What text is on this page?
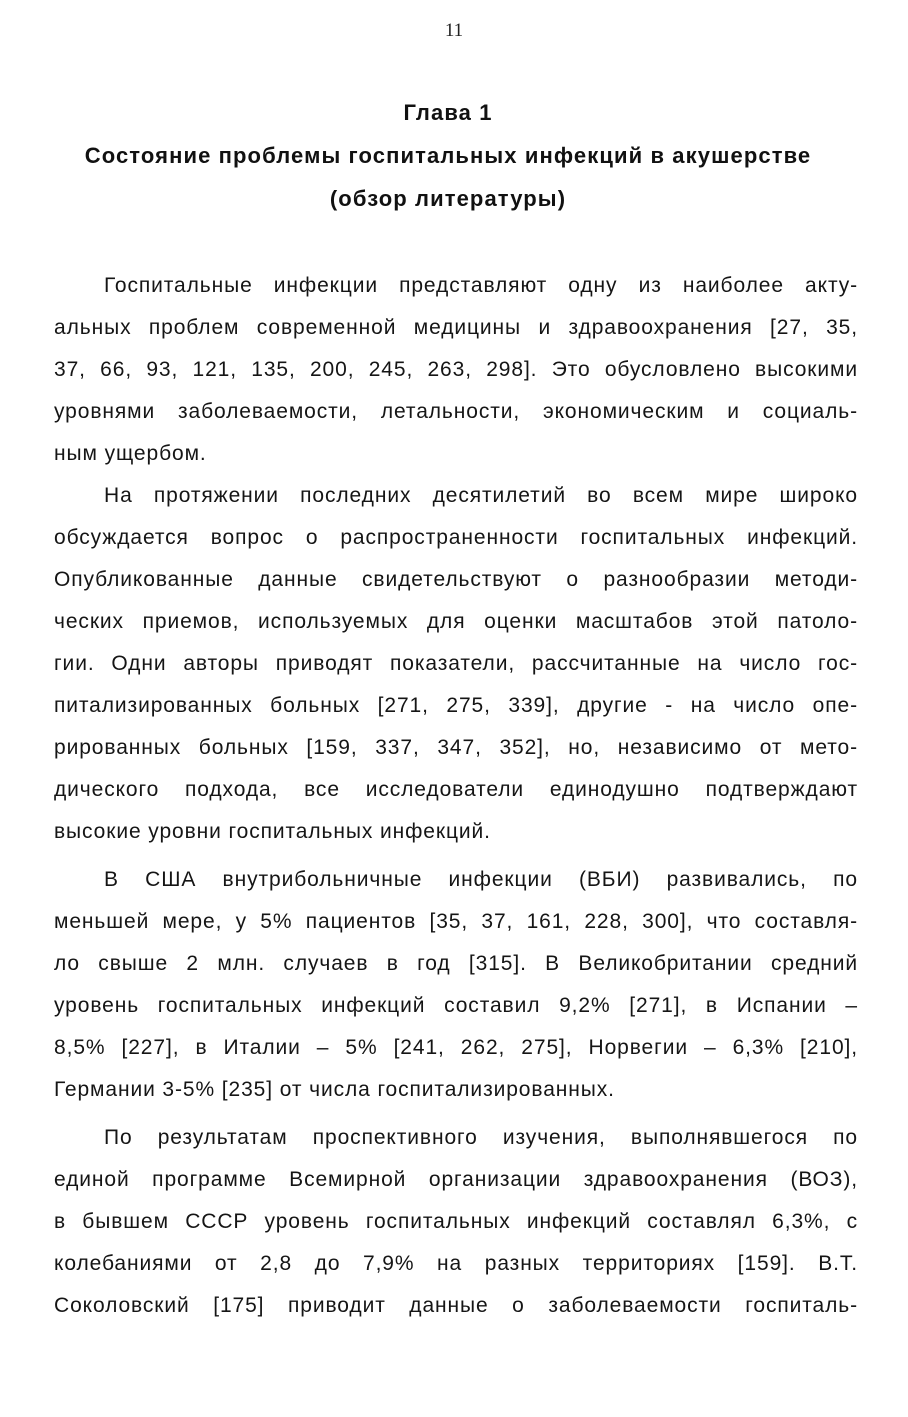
11
Глава 1
Состояние проблемы госпитальных инфекций в акушерстве
(обзор литературы)
Госпитальные инфекции представляют одну из наиболее акту-
альных проблем современной медицины и здравоохранения [27, 35,
37, 66, 93, 121, 135, 200, 245, 263, 298]. Это обусловлено высокими
уровнями заболеваемости, летальности, экономическим и социаль-
ным ущербом.
На протяжении последних десятилетий во всем мире широко
обсуждается вопрос о распространенности госпитальных инфекций.
Опубликованные данные свидетельствуют о разнообразии методи-
ческих приемов, используемых для оценки масштабов этой патоло-
гии. Одни авторы приводят показатели, рассчитанные на число гос-
питализированных больных [271, 275, 339], другие - на число опе-
рированных больных [159, 337, 347, 352], но, независимо от мето-
дического подхода, все исследователи единодушно подтверждают
высокие уровни госпитальных инфекций.
В США внутрибольничные инфекции (ВБИ) развивались, по
меньшей мере, у 5% пациентов [35, 37, 161, 228, 300], что составля-
ло свыше 2 млн. случаев в год [315]. В Великобритании средний
уровень госпитальных инфекций составил 9,2% [271], в Испании –
8,5% [227], в Италии – 5% [241, 262, 275], Норвегии – 6,3% [210],
Германии 3-5% [235] от числа госпитализированных.
По результатам проспективного изучения, выполнявшегося по
единой программе Всемирной организации здравоохранения (ВОЗ),
в бывшем СССР уровень госпитальных инфекций составлял 6,3%, с
колебаниями от 2,8 до 7,9% на разных территориях [159]. В.Т.
Соколовский [175] приводит данные о заболеваемости госпиталь-
